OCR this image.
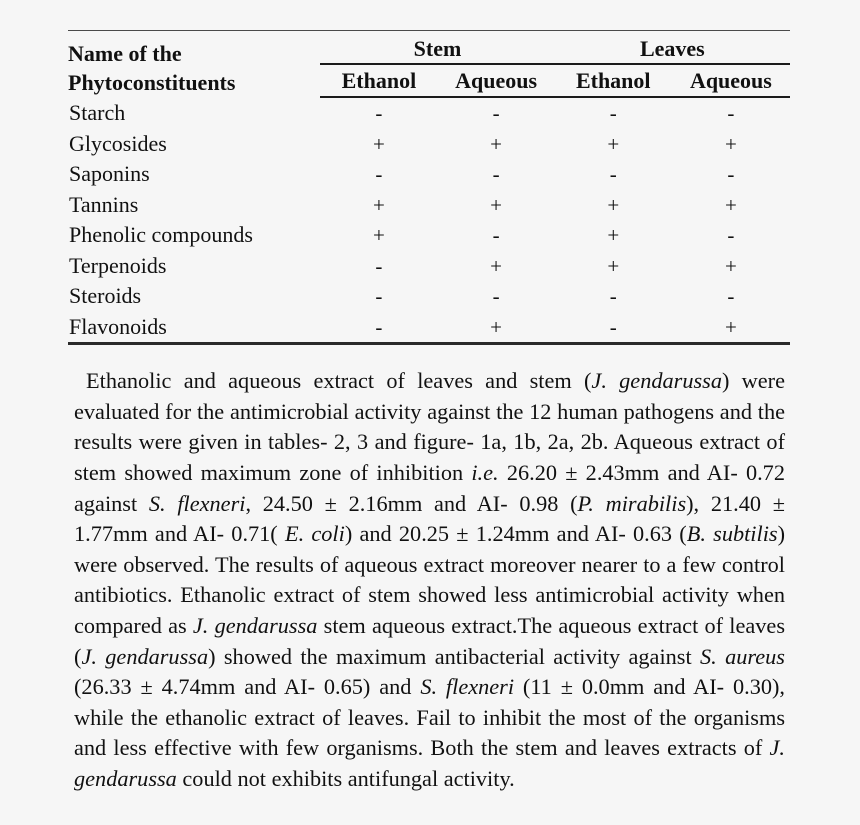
Name of the
Phytoconstituents	Stem		Leaves	
	Ethanol	Aqueous	Ethanol	Aqueous
Starch	-	-	-	-
Glycosides	+	+	+	+
Saponins	-	-	-	-
Tannins	+	+	+	+
Phenolic compounds	+	-	+	-
Terpenoids	-	+	+	+
Steroids	-	-	-	-
Flavonoids	-	+	-	+

Ethanolic and aqueous extract of leaves and stem (J. gendarussa) were evaluated for the antimicrobial activity against the 12 human pathogens and the results were given in tables- 2, 3 and figure- 1a, 1b, 2a, 2b. Aqueous extract of stem showed maximum zone of inhibition i.e. 26.20 ± 2.43mm and AI- 0.72 against S. flexneri, 24.50 ± 2.16mm and AI- 0.98 (P. mirabilis), 21.40 ± 1.77mm and AI- 0.71( E. coli) and 20.25 ± 1.24mm and AI- 0.63 (B. subtilis) were observed. The results of aqueous extract moreover nearer to a few control antibiotics. Ethanolic extract of stem showed less antimicrobial activity when compared as J. gendarussa stem aqueous extract.The aqueous extract of leaves (J. gendarussa) showed the maximum antibacterial activity against S. aureus (26.33 ± 4.74mm and AI- 0.65) and S. flexneri (11 ± 0.0mm and AI- 0.30), while the ethanolic extract of leaves. Fail to inhibit the most of the organisms and less effective with few organisms. Both the stem and leaves extracts of J. gendarussa could not exhibits antifungal activity.
